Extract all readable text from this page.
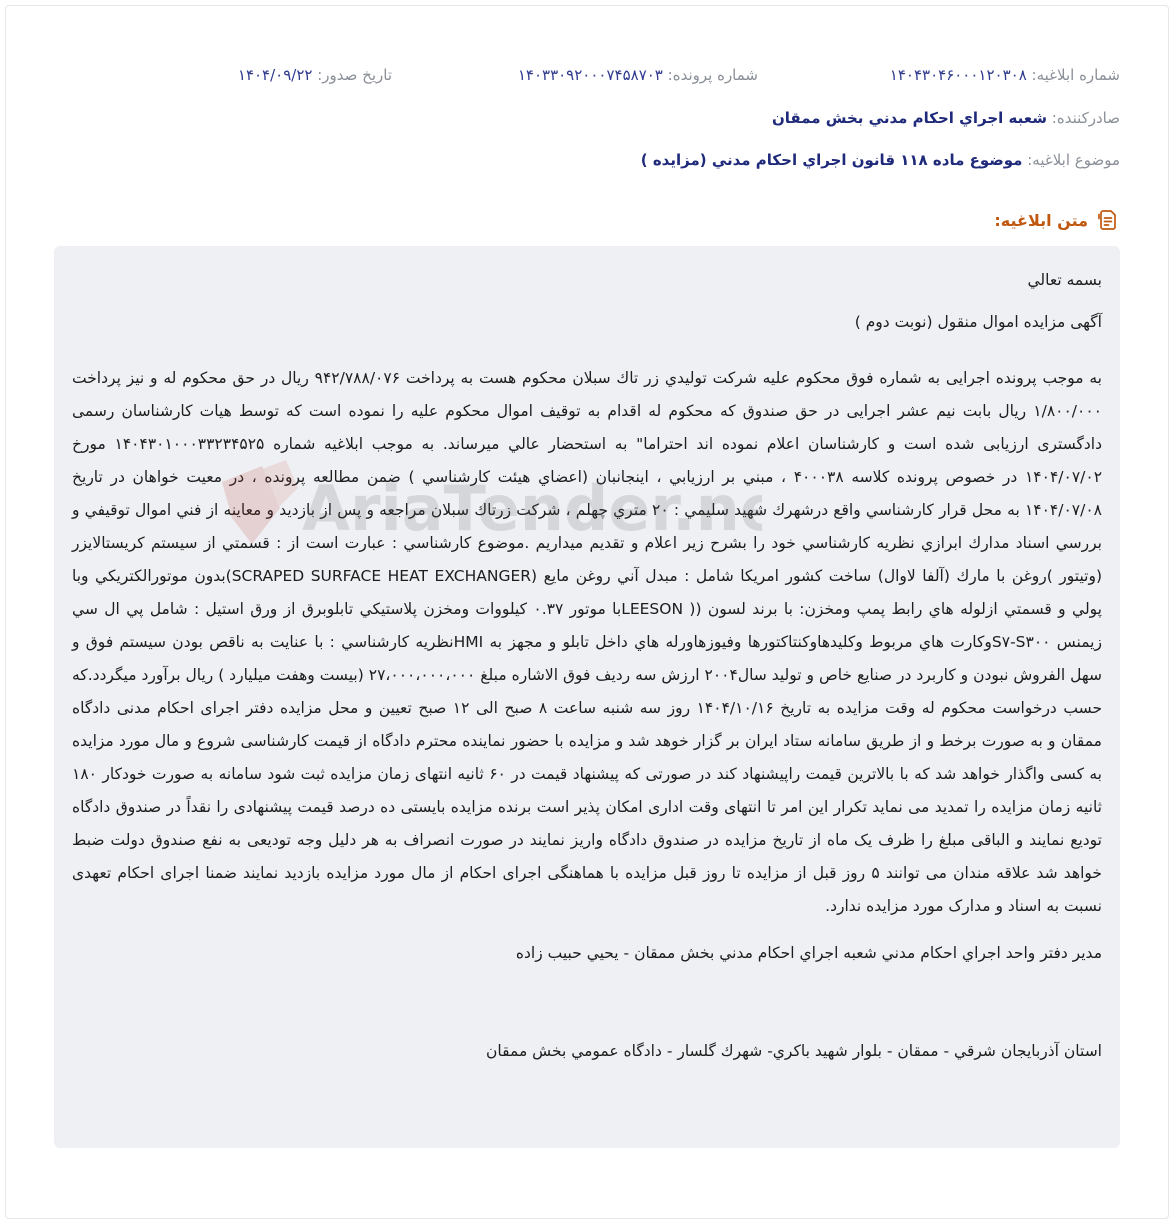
شماره ابلاغيه: ۱۴۰۴۳۰۴۶۰۰۰۱۲۰۳۰۸
شماره پرونده: ۱۴۰۳۳۰۹۲۰۰۰۷۴۵۸۷۰۳
تاريخ صدور: ۱۴۰۴/۰۹/۲۲
صادرکننده: شعبه اجراي احکام مدني بخش ممقان
موضوع ابلاغيه: موضوع ماده ۱۱۸ قانون اجراي احکام مدني (مزايده )
متن ابلاغيه:

بسمه تعالي

آگهی مزايده اموال منقول (نوبت دوم )

به موجب پرونده اجرايی به شماره فوق محکوم عليه شرکت توليدي زر تاك سبلان محکوم هست به پرداخت ۹۴۲/۷۸۸/۰۷۶ ريال در حق محکوم له و نيز پرداخت ۱/۸۰۰/۰۰۰ ريال بابت نيم عشر اجرايی در حق صندوق که محکوم له اقدام به توقيف اموال محکوم عليه را نموده است که توسط هيات کارشناسان رسمی دادگستری ارزيابی شده است و کارشناسان اعلام نموده اند احتراما" به استحضار عالي ميرساند. به موجب ابلاغيه شماره ۱۴۰۴۳۰۱۰۰۰۳۳۲۳۴۵۲۵ مورخ ۱۴۰۴/۰۷/۰۲ در خصوص پرونده کلاسه ۴۰۰۰۳۸ ، مبني بر ارزيابي ، اينجانبان (اعضاي هيئت کارشناسي ) ضمن مطالعه پرونده ، در معيت خواهان در تاريخ ۱۴۰۴/۰۷/۰۸ به محل قرار کارشناسي واقع درشهرك شهيد سليمي : ۲۰ متري چهلم ، شرکت زرتاك سبلان مراجعه و پس از بازديد و معاينه از فني اموال توقيفي و بررسي اسناد مدارك ابرازي نظريه کارشناسي خود را بشرح زير اعلام و تقديم ميداريم .موضوع کارشناسي : عبارت است از : قسمتي از سيستم کريستالايزر (وتيتور )روغن با مارك (آلفا لاوال) ساخت کشور امريکا شامل : مبدل آني روغن مايع (SCRAPED SURFACE HEAT EXCHANGER)بدون موتورالکتريکي وبا پولي و قسمتي ازلوله هاي رابط پمپ ومخزن: با برند لسون (( LEESONبا موتور ۰.۳۷ کيلووات ومخزن پلاستيکي تابلوبرق از ورق استيل : شامل پي ال سي زيمنس S۷-S۳۰۰وکارت هاي مربوط وکليدهاوکنتاکتورها وفيوزهاورله هاي داخل تابلو و مجهز به HMIنظريه کارشناسي : با عنايت به ناقص بودن سيستم فوق و سهل الفروش نبودن و کاربرد در صنايع خاص و توليد سال۲۰۰۴ ارزش سه رديف فوق الاشاره مبلغ ۲۷،۰۰۰،۰۰۰،۰۰۰ (بيست وهفت ميليارد ) ريال برآورد ميگردد.که حسب درخواست محکوم له وقت مزايده به تاريخ ۱۴۰۴/۱۰/۱۶ روز سه شنبه ساعت ۸ صبح الی ۱۲ صبح تعيين و محل مزايده دفتر اجرای احکام مدنی دادگاه ممقان و به صورت برخط و از طريق سامانه ستاد ايران بر گزار خوهد شد و مزايده با حضور نماينده محترم دادگاه از قيمت کارشناسی شروع و مال مورد مزايده به کسی واگذار خواهد شد که با بالاترين قيمت راپيشنهاد کند در صورتی که پيشنهاد قيمت در ۶۰ ثانيه انتهای زمان مزايده ثبت شود سامانه به صورت خودکار ۱۸۰ ثانيه زمان مزايده را تمديد می نمايد تکرار اين امر تا انتهای وقت اداری امکان پذير است برنده مزايده بايستی ده درصد قيمت پيشنهادی را نقداً در صندوق دادگاه توديع نمايند و الباقی مبلغ را ظرف يک ماه از تاريخ مزايده در صندوق دادگاه واريز نمايند در صورت انصراف به هر دليل وجه توديعی به نفع صندوق دولت ضبط خواهد شد علاقه مندان می توانند ۵ روز قبل از مزايده تا روز قبل مزايده با هماهنگی اجرای احکام از مال مورد مزايده بازديد نمايند ضمنا اجرای احکام تعهدی نسبت به اسناد و مدارک مورد مزايده ندارد.

مدير دفتر واحد اجراي احکام مدني شعبه اجراي احکام مدني بخش ممقان - يحيي حبيب زاده

استان آذربايجان شرقي - ممقان - بلوار شهيد باکري- شهرك گلسار - دادگاه عمومي بخش ممقان
